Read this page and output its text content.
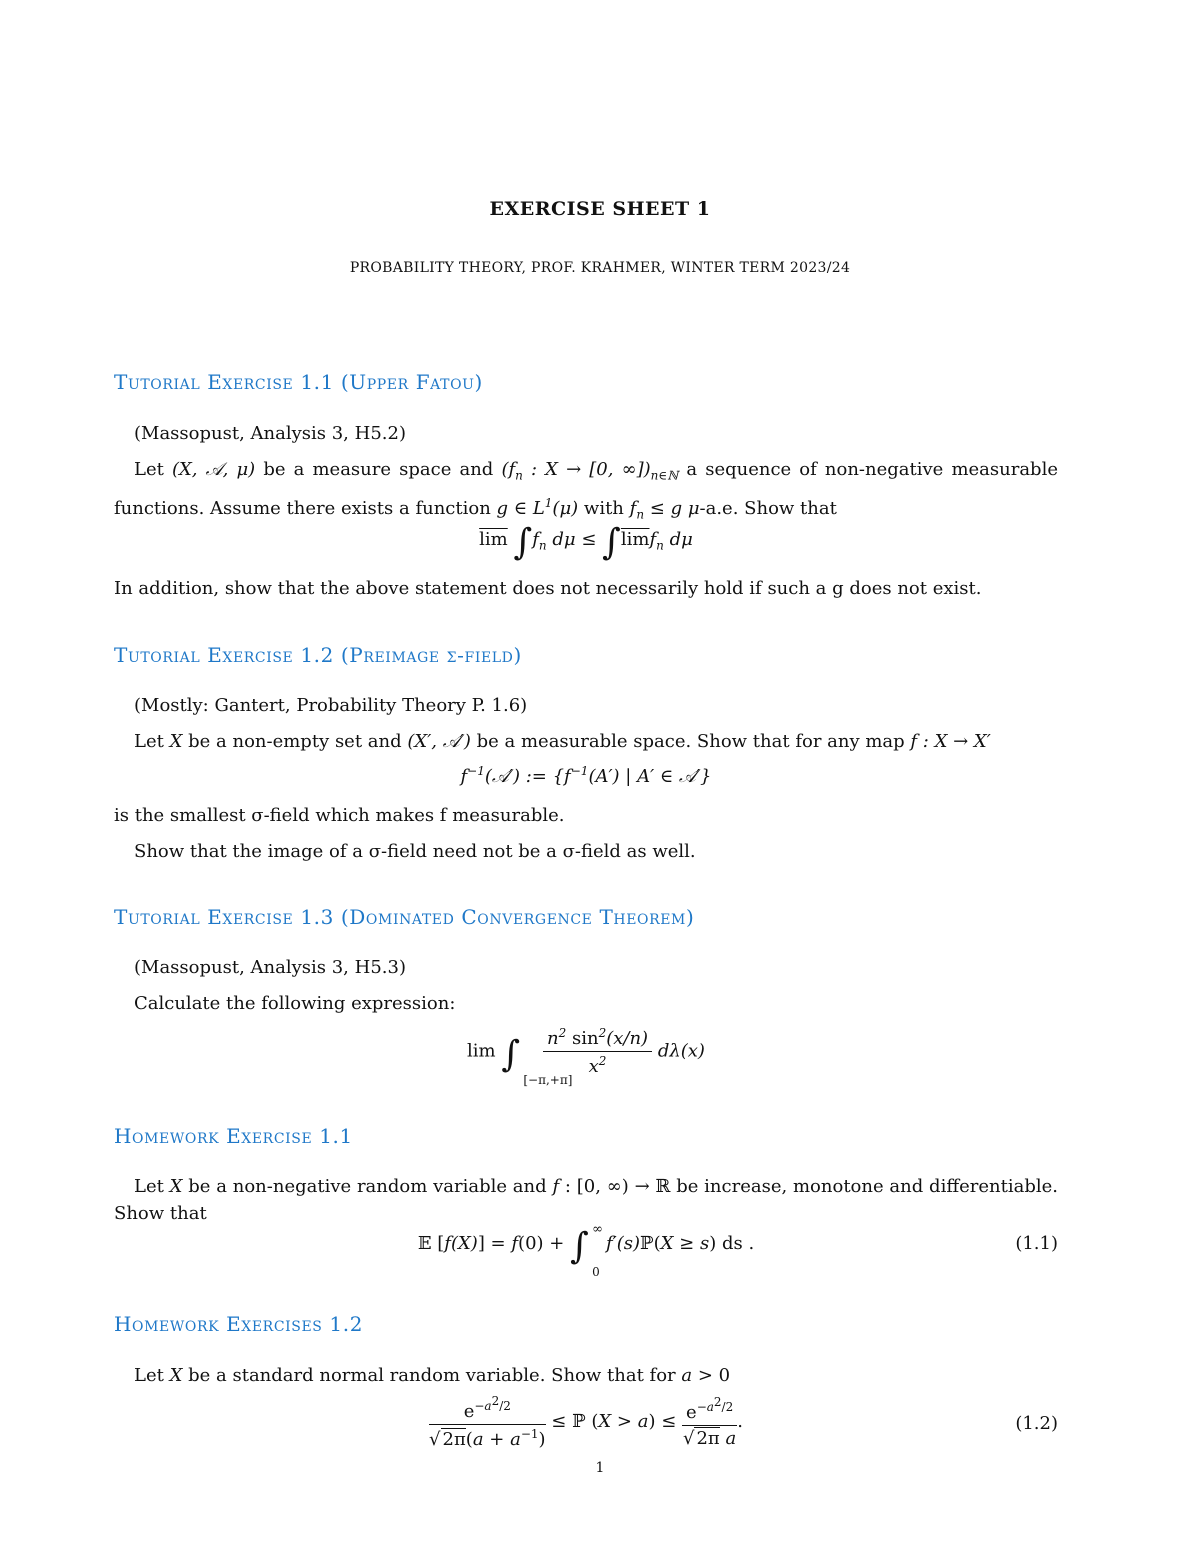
EXERCISE SHEET 1
PROBABILITY THEORY, PROF. KRAHMER, WINTER TERM 2023/24
Tutorial Exercise 1.1 (Upper Fatou)

(Massopust, Analysis 3, H5.2)

Let (X, 𝒜, μ) be a measure space and ($f_n$ : X → [0, $\infty])_{n\in ℕ}$ a sequence of non-negative measurable functions. Assume there exists a function g ∈ $L^1(\mu)$ with $f_n \le g$ μ-a.e. Show that

$\overline{lim}$ $\int f_n$ $d\mu \le \int\overline{lim}f_n$ dμ

In addition, show that the above statement does not necessarily hold if such a g does not exist.

Tutorial Exercise 1.2 (Preimage σ-field)

(Mostly: Gantert, Probability Theory P. 1.6)

Let X be a non-empty set and (X′, 𝒜′) be a measurable space. Show that for any map f : X → X′

$f^{-1}(𝒜')$ := {$f^{-1}(A')$ | A′ ∈ 𝒜′}

is the smallest σ-field which makes f measurable.

Show that the image of a σ-field need not be a σ-field as well.

Tutorial Exercise 1.3 (Dominated Convergence Theorem)

(Massopust, Analysis 3, H5.3)

Calculate the following expression:

lim ∫
[−π,+π]

$\frac{n^2 \sin^2(x/n)}{x^2} d\lambda(x)$
Homework Exercise 1.1

Let X be a non-negative random variable and f : [0, ∞) → ℝ be increase, monotone and differentiable. Show that

𝔼 [f(X)] = f(0) + ∫ ∞
0
f′(s)ℙ(X ≥ s) ds .	(1.1)
Homework Exercises 1.2

Let X be a standard normal random variable. Show that for a > 0

$\frac{e^{-a^2/2}}{√ 2\pi(a + a^{-1})}$ ≤ ℙ $(X > a) \le \frac{e^{-a^2/2}}{\text{√ 2π a}}$ .	(1.2)
1
